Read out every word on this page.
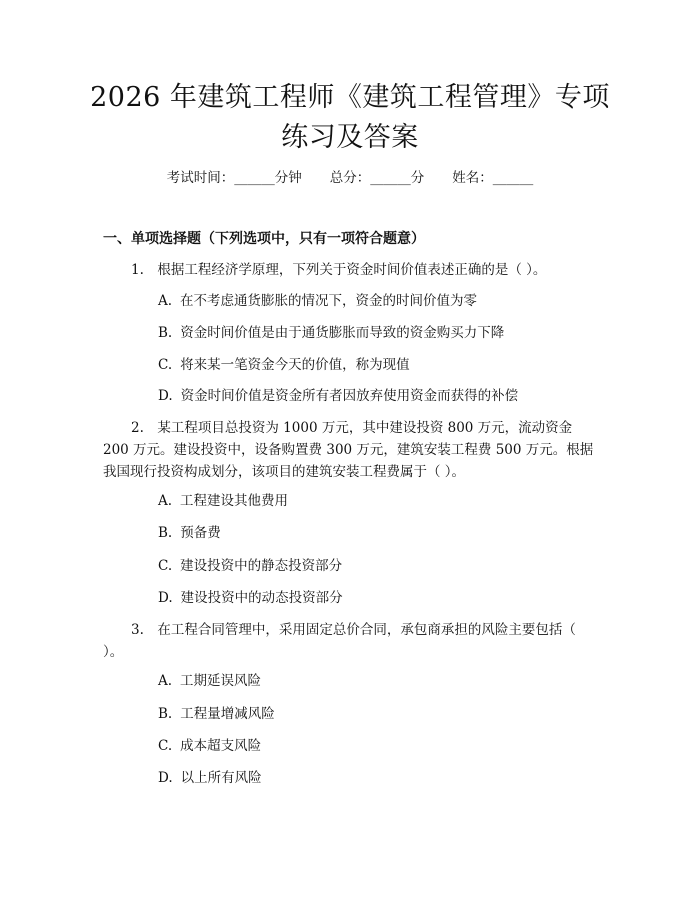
2026 年建筑工程师《建筑工程管理》专项练习及答案
考试时间：______分钟 总分：______分 姓名：______
一、单项选择题（下列选项中，只有一项符合题意）
1.　根据工程经济学原理，下列关于资金时间价值表述正确的是（ ）。
A. 在不考虑通货膨胀的情况下，资金的时间价值为零
B. 资金时间价值是由于通货膨胀而导致的资金购买力下降
C. 将来某一笔资金今天的价值，称为现值
D. 资金时间价值是资金所有者因放弃使用资金而获得的补偿
2.　某工程项目总投资为 1000 万元，其中建设投资 800 万元，流动资金 200 万元。建设投资中，设备购置费 300 万元，建筑安装工程费 500 万元。根据我国现行投资构成划分，该项目的建筑安装工程费属于（ ）。
A. 工程建设其他费用
B. 预备费
C. 建设投资中的静态投资部分
D. 建设投资中的动态投资部分
3.　在工程合同管理中，采用固定总价合同，承包商承担的风险主要包括（ ）。
A. 工期延误风险
B. 工程量增减风险
C. 成本超支风险
D. 以上所有风险
